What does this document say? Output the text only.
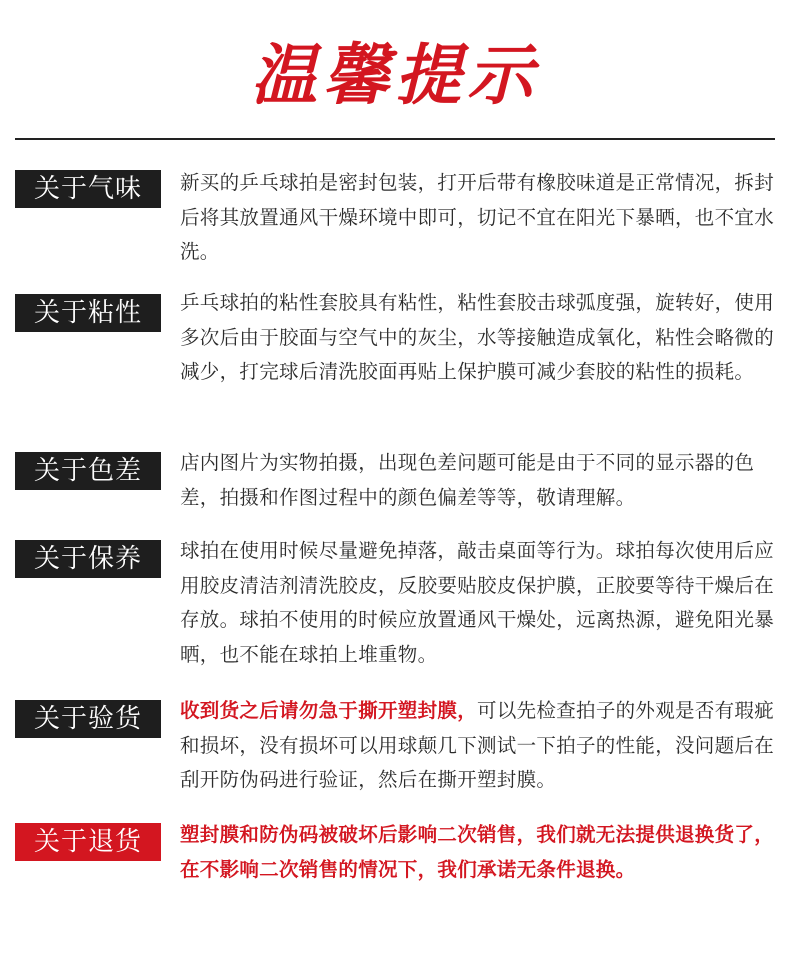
温馨提示
关于气味	新买的乒乓球拍是密封包装，打开后带有橡胶味道是正常情况，拆封后将其放置通风干燥环境中即可，切记不宜在阳光下暴晒，也不宜水洗。
关于粘性	乒乓球拍的粘性套胶具有粘性，粘性套胶击球弧度强，旋转好，使用多次后由于胶面与空气中的灰尘，水等接触造成氧化，粘性会略微的减少，打完球后清洗胶面再贴上保护膜可减少套胶的粘性的损耗。
关于色差	店内图片为实物拍摄，出现色差问题可能是由于不同的显示器的色差，拍摄和作图过程中的颜色偏差等等，敬请理解。
关于保养	球拍在使用时候尽量避免掉落，敲击桌面等行为。球拍每次使用后应用胶皮清洁剂清洗胶皮，反胶要贴胶皮保护膜，正胶要等待干燥后在存放。球拍不使用的时候应放置通风干燥处，远离热源，避免阳光暴晒，也不能在球拍上堆重物。
关于验货	收到货之后请勿急于撕开塑封膜，可以先检查拍子的外观是否有瑕疵和损坏，没有损坏可以用球颠几下测试一下拍子的性能，没问题后在刮开防伪码进行验证，然后在撕开塑封膜。
关于退货	塑封膜和防伪码被破坏后影响二次销售，我们就无法提供退换货了，在不影响二次销售的情况下，我们承诺无条件退换。
